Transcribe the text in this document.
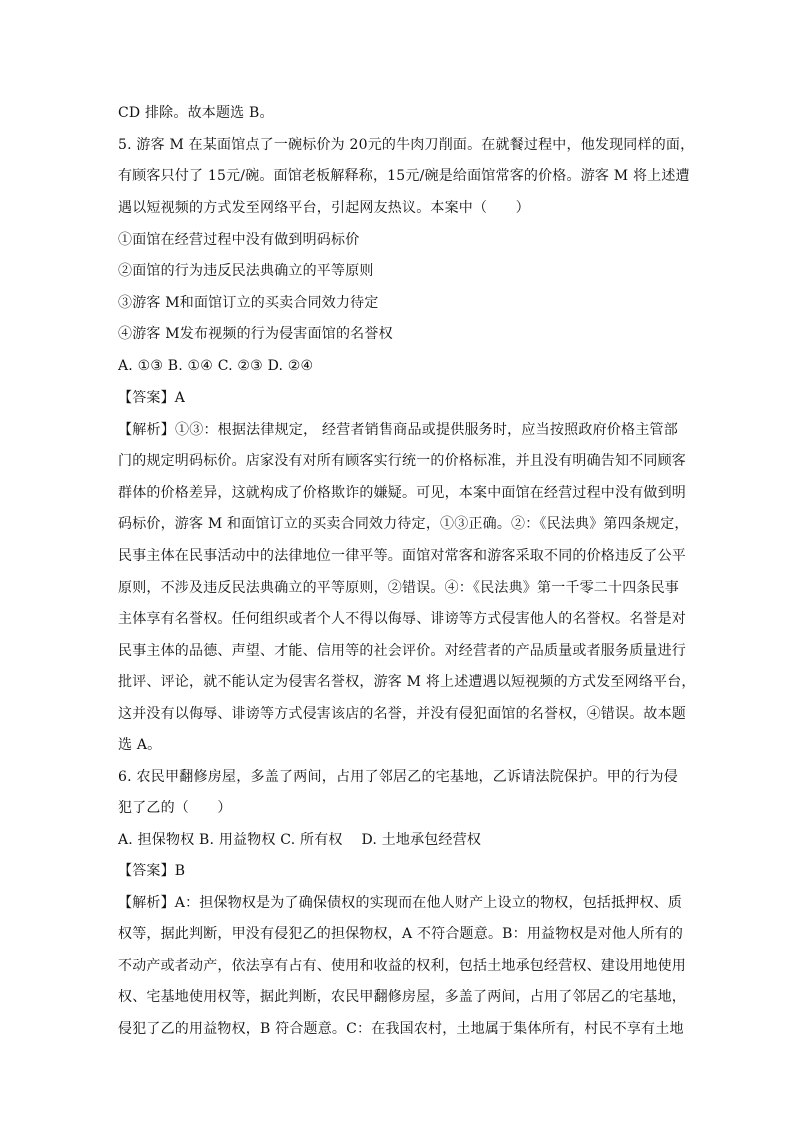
CD 排除。故本题选 B。
5. 游客 M 在某面馆点了一碗标价为 20元的牛肉刀削面。在就餐过程中，他发现同样的面，
有顾客只付了 15元/碗。面馆老板解释称，15元/碗是给面馆常客的价格。游客 M 将上述遭
遇以短视频的方式发至网络平台，引起网友热议。本案中（　　）
①面馆在经营过程中没有做到明码标价
②面馆的行为违反民法典确立的平等原则
③游客 M和面馆订立的买卖合同效力待定
④游客 M发布视频的行为侵害面馆的名誉权
A. ①③ B. ①④ C. ②③ D. ②④
【答案】A
【解析】①③：根据法律规定， 经营者销售商品或提供服务时，应当按照政府价格主管部
门的规定明码标价。店家没有对所有顾客实行统一的价格标准，并且没有明确告知不同顾客
群体的价格差异，这就构成了价格欺诈的嫌疑。可见，本案中面馆在经营过程中没有做到明
码标价，游客 M 和面馆订立的买卖合同效力待定，①③正确。②：《民法典》第四条规定，
民事主体在民事活动中的法律地位一律平等。面馆对常客和游客采取不同的价格违反了公平
原则，不涉及违反民法典确立的平等原则，②错误。④：《民法典》第一千零二十四条民事
主体享有名誉权。任何组织或者个人不得以侮辱、诽谤等方式侵害他人的名誉权。名誉是对
民事主体的品德、声望、才能、信用等的社会评价。对经营者的产品质量或者服务质量进行
批评、评论，就不能认定为侵害名誉权，游客 M 将上述遭遇以短视频的方式发至网络平台，
这并没有以侮辱、诽谤等方式侵害该店的名誉，并没有侵犯面馆的名誉权，④错误。故本题
选 A。
6. 农民甲翻修房屋，多盖了两间，占用了邻居乙的宅基地，乙诉请法院保护。甲的行为侵
犯了乙的（　　）
A. 担保物权 B. 用益物权 C. 所有权　 D. 土地承包经营权
【答案】B
【解析】A：担保物权是为了确保债权的实现而在他人财产上设立的物权，包括抵押权、质
权等，据此判断，甲没有侵犯乙的担保物权，A 不符合题意。B：用益物权是对他人所有的
不动产或者动产，依法享有占有、使用和收益的权利，包括土地承包经营权、建设用地使用
权、宅基地使用权等，据此判断，农民甲翻修房屋，多盖了两间，占用了邻居乙的宅基地，
侵犯了乙的用益物权，B 符合题意。C：在我国农村，土地属于集体所有，村民不享有土地
